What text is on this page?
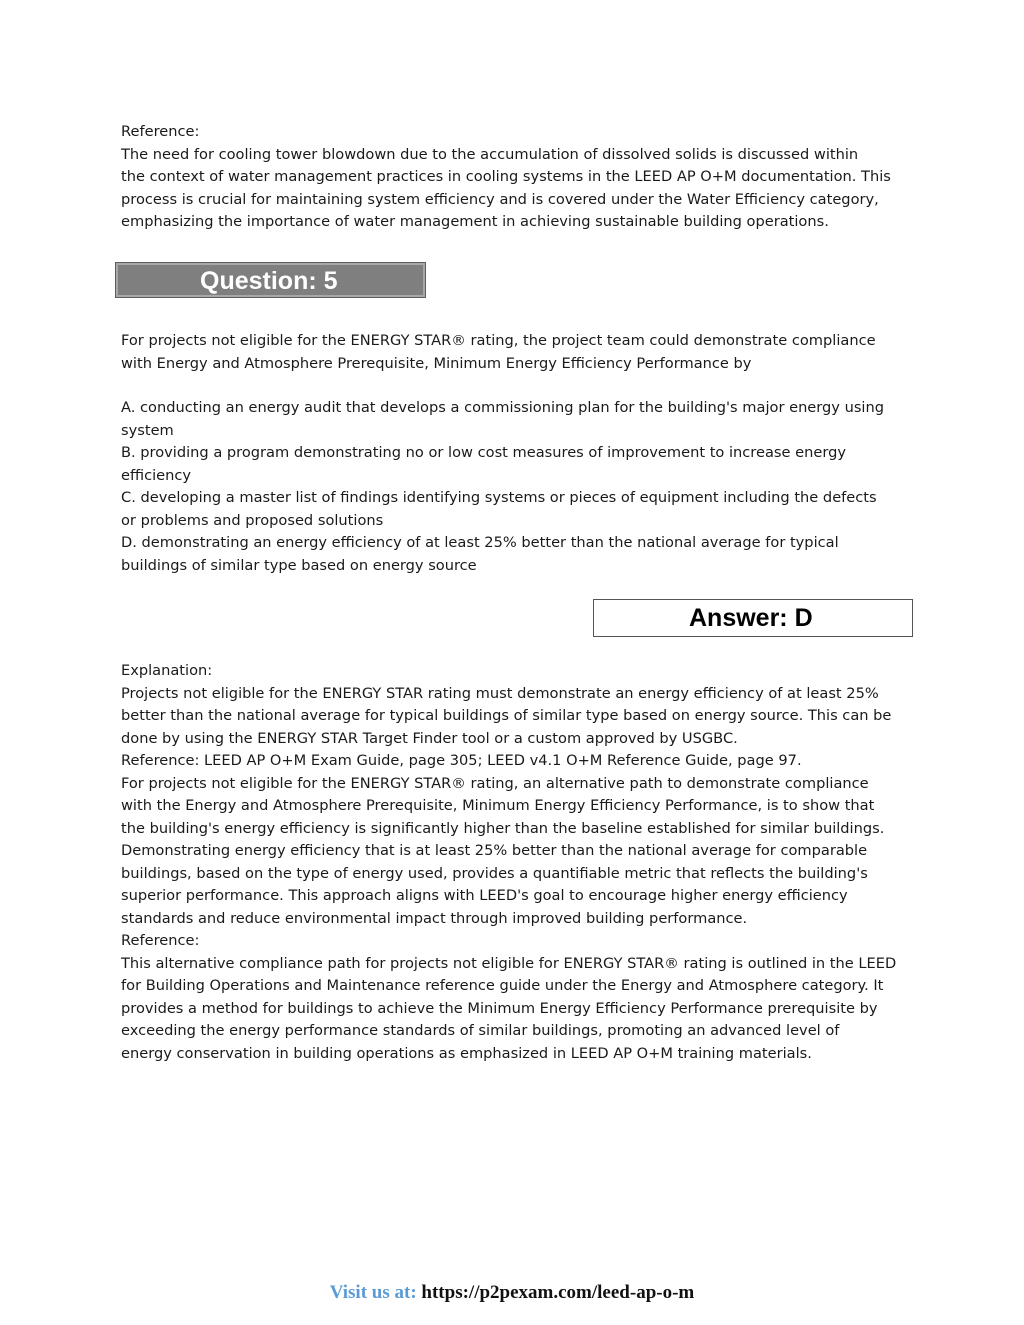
Reference:
The need for cooling tower blowdown due to the accumulation of dissolved solids is discussed within
the context of water management practices in cooling systems in the LEED AP O+M documentation. This
process is crucial for maintaining system efficiency and is covered under the Water Efficiency category,
emphasizing the importance of water management in achieving sustainable building operations.

Question: 5

For projects not eligible for the ENERGY STAR® rating, the project team could demonstrate compliance
with Energy and Atmosphere Prerequisite, Minimum Energy Efficiency Performance by

A. conducting an energy audit that develops a commissioning plan for the building's major energy using
system
B. providing a program demonstrating no or low cost measures of improvement to increase energy
efficiency
C. developing a master list of findings identifying systems or pieces of equipment including the defects
or problems and proposed solutions
D. demonstrating an energy efficiency of at least 25% better than the national average for typical
buildings of similar type based on energy source

Answer: D

Explanation:
Projects not eligible for the ENERGY STAR rating must demonstrate an energy efficiency of at least 25%
better than the national average for typical buildings of similar type based on energy source. This can be
done by using the ENERGY STAR Target Finder tool or a custom approved by USGBC.
Reference: LEED AP O+M Exam Guide, page 305; LEED v4.1 O+M Reference Guide, page 97.
For projects not eligible for the ENERGY STAR® rating, an alternative path to demonstrate compliance
with the Energy and Atmosphere Prerequisite, Minimum Energy Efficiency Performance, is to show that
the building's energy efficiency is significantly higher than the baseline established for similar buildings.
Demonstrating energy efficiency that is at least 25% better than the national average for comparable
buildings, based on the type of energy used, provides a quantifiable metric that reflects the building's
superior performance. This approach aligns with LEED's goal to encourage higher energy efficiency
standards and reduce environmental impact through improved building performance.
Reference:
This alternative compliance path for projects not eligible for ENERGY STAR® rating is outlined in the LEED
for Building Operations and Maintenance reference guide under the Energy and Atmosphere category. It
provides a method for buildings to achieve the Minimum Energy Efficiency Performance prerequisite by
exceeding the energy performance standards of similar buildings, promoting an advanced level of
energy conservation in building operations as emphasized in LEED AP O+M training materials.

Visit us at: https://p2pexam.com/leed-ap-o-m
